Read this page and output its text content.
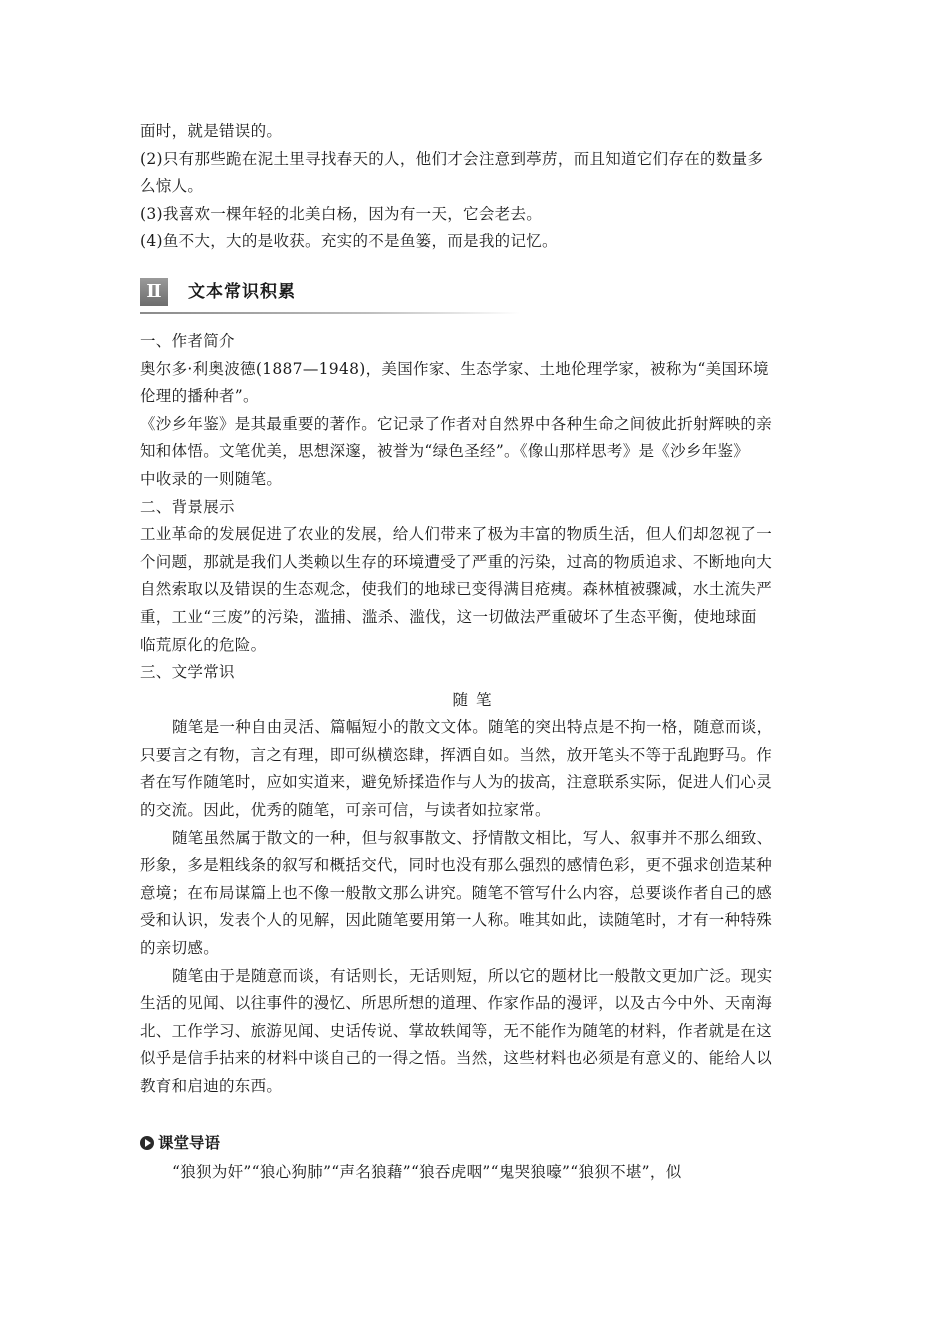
面时，就是错误的。
(2)只有那些跪在泥土里寻找春天的人，他们才会注意到葶苈，而且知道它们存在的数量多
么惊人。
(3)我喜欢一棵年轻的北美白杨，因为有一天，它会老去。
(4)鱼不大，大的是收获。充实的不是鱼篓，而是我的记忆。
Ⅱ	文本常识积累
一、作者简介
奥尔多·利奥波德(1887—1948)，美国作家、生态学家、土地伦理学家，被称为“美国环境
伦理的播种者”。
《沙乡年鉴》是其最重要的著作。它记录了作者对自然界中各种生命之间彼此折射辉映的亲
知和体悟。文笔优美，思想深邃，被誉为“绿色圣经”。《像山那样思考》是《沙乡年鉴》
中收录的一则随笔。
二、背景展示
工业革命的发展促进了农业的发展，给人们带来了极为丰富的物质生活，但人们却忽视了一
个问题，那就是我们人类赖以生存的环境遭受了严重的污染，过高的物质追求、不断地向大
自然索取以及错误的生态观念，使我们的地球已变得满目疮痍。森林植被骤减，水土流失严
重，工业“三废”的污染，滥捕、滥杀、滥伐，这一切做法严重破坏了生态平衡，使地球面
临荒原化的危险。
三、文学常识
随笔
随笔是一种自由灵活、篇幅短小的散文文体。随笔的突出特点是不拘一格，随意而谈，
只要言之有物，言之有理，即可纵横恣肆，挥洒自如。当然，放开笔头不等于乱跑野马。作
者在写作随笔时，应如实道来，避免矫揉造作与人为的拔高，注意联系实际，促进人们心灵
的交流。因此，优秀的随笔，可亲可信，与读者如拉家常。
随笔虽然属于散文的一种，但与叙事散文、抒情散文相比，写人、叙事并不那么细致、
形象，多是粗线条的叙写和概括交代，同时也没有那么强烈的感情色彩，更不强求创造某种
意境；在布局谋篇上也不像一般散文那么讲究。随笔不管写什么内容，总要谈作者自己的感
受和认识，发表个人的见解，因此随笔要用第一人称。唯其如此，读随笔时，才有一种特殊
的亲切感。
随笔由于是随意而谈，有话则长，无话则短，所以它的题材比一般散文更加广泛。现实
生活的见闻、以往事件的漫忆、所思所想的道理、作家作品的漫评，以及古今中外、天南海
北、工作学习、旅游见闻、史话传说、掌故轶闻等，无不能作为随笔的材料，作者就是在这
似乎是信手拈来的材料中谈自己的一得之悟。当然，这些材料也必须是有意义的、能给人以
教育和启迪的东西。
课堂导语
“狼狈为奸”“狼心狗肺”“声名狼藉”“狼吞虎咽”“鬼哭狼嚎”“狼狈不堪”，似
